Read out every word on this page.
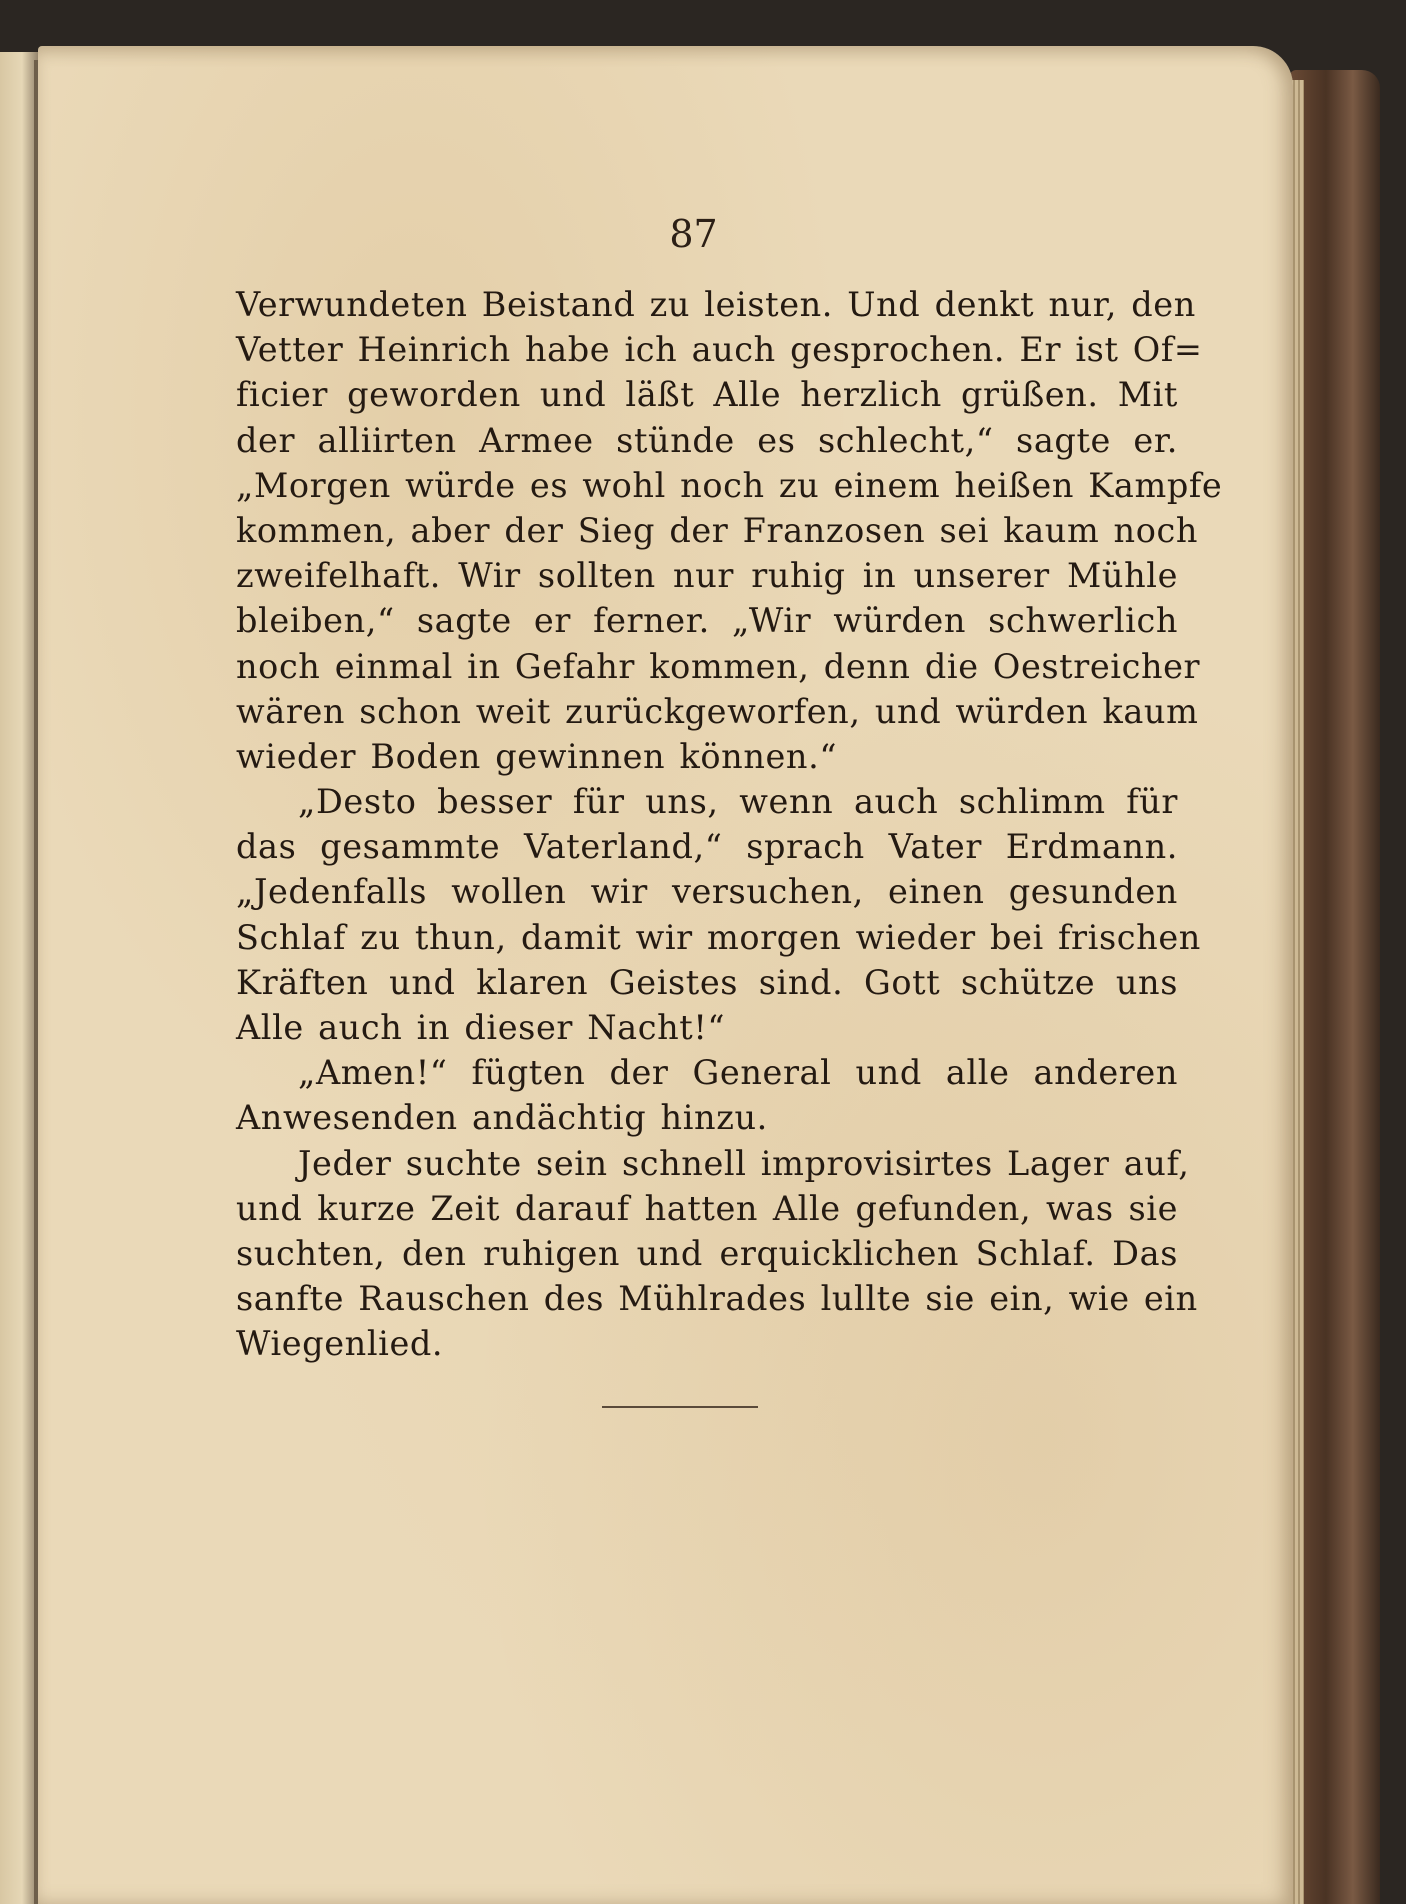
87
Verwundeten Beistand zu leisten. Und denkt nur, den
Vetter Heinrich habe ich auch gesprochen. Er ist Of=
ficier geworden und läßt Alle herzlich grüßen. Mit
der alliirten Armee stünde es schlecht,“ sagte er.
„Morgen würde es wohl noch zu einem heißen Kampfe
kommen, aber der Sieg der Franzosen sei kaum noch
zweifelhaft. Wir sollten nur ruhig in unserer Mühle
bleiben,“ sagte er ferner. „Wir würden schwerlich
noch einmal in Gefahr kommen, denn die Oestreicher
wären schon weit zurückgeworfen, und würden kaum
wieder Boden gewinnen können.“
„Desto besser für uns, wenn auch schlimm für
das gesammte Vaterland,“ sprach Vater Erdmann.
„Jedenfalls wollen wir versuchen, einen gesunden
Schlaf zu thun, damit wir morgen wieder bei frischen
Kräften und klaren Geistes sind. Gott schütze uns
Alle auch in dieser Nacht!“
„Amen!“ fügten der General und alle anderen
Anwesenden andächtig hinzu.
Jeder suchte sein schnell improvisirtes Lager auf,
und kurze Zeit darauf hatten Alle gefunden, was sie
suchten, den ruhigen und erquicklichen Schlaf. Das
sanfte Rauschen des Mühlrades lullte sie ein, wie ein
Wiegenlied.
